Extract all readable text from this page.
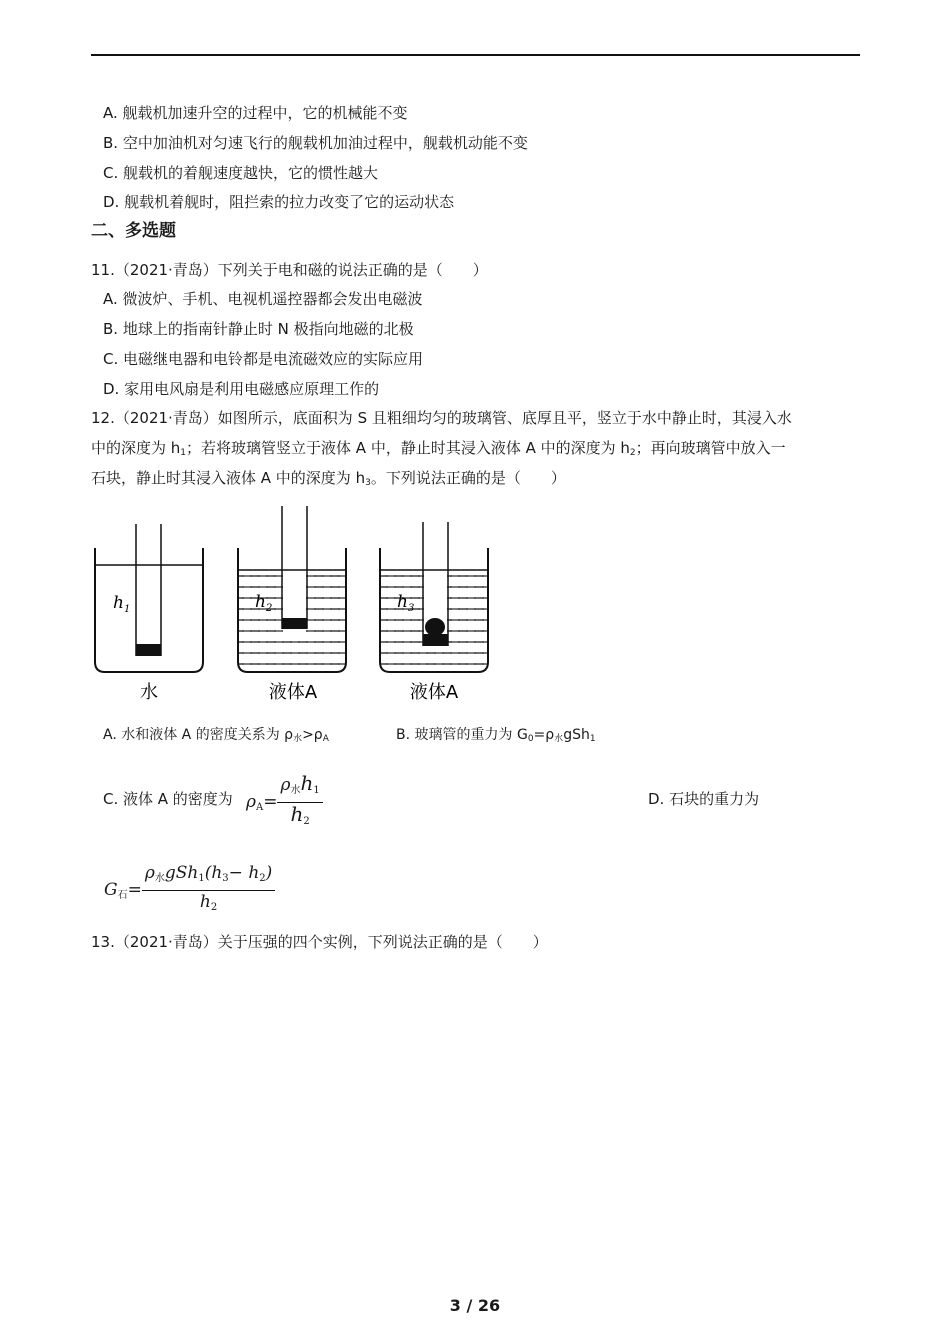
A. 舰载机加速升空的过程中，它的机械能不变
B. 空中加油机对匀速飞行的舰载机加油过程中，舰载机动能不变
C. 舰载机的着舰速度越快，它的惯性越大
D. 舰载机着舰时，阻拦索的拉力改变了它的运动状态
二、多选题
11.（2021·青岛）下列关于电和磁的说法正确的是（　　）
A. 微波炉、手机、电视机遥控器都会发出电磁波
B. 地球上的指南针静止时 N 极指向地磁的北极
C. 电磁继电器和电铃都是电流磁效应的实际应用
D. 家用电风扇是利用电磁感应原理工作的
12.（2021·青岛）如图所示，底面积为 S 且粗细均匀的玻璃管、底厚且平，竖立于水中静止时，其浸入水
中的深度为 $h_1$；若将玻璃管竖立于液体 A 中，静止时其浸入液体 A 中的深度为 $h_2$；再向玻璃管中放入一
石块，静止时其浸入液体 A 中的深度为 $h_3$。下列说法正确的是（　　）
$h_1$
水
$h_2$
液体A
$h_3$
液体A
A. 水和液体 A 的密度关系为 $\rho_水>\rho_A$	B. 玻璃管的重力为 $G_0=\rho_水gSh_1$
C. 液体 A 的密度为 $\rho A= \frac{\text{ρ水h1}}{h2}$	D. 石块的重力为
G石= $\frac{\text{ρ水gSh1(h3− h2)}}{h2}$
13.（2021·青岛）关于压强的四个实例，下列说法正确的是（　　）
3 / 26
